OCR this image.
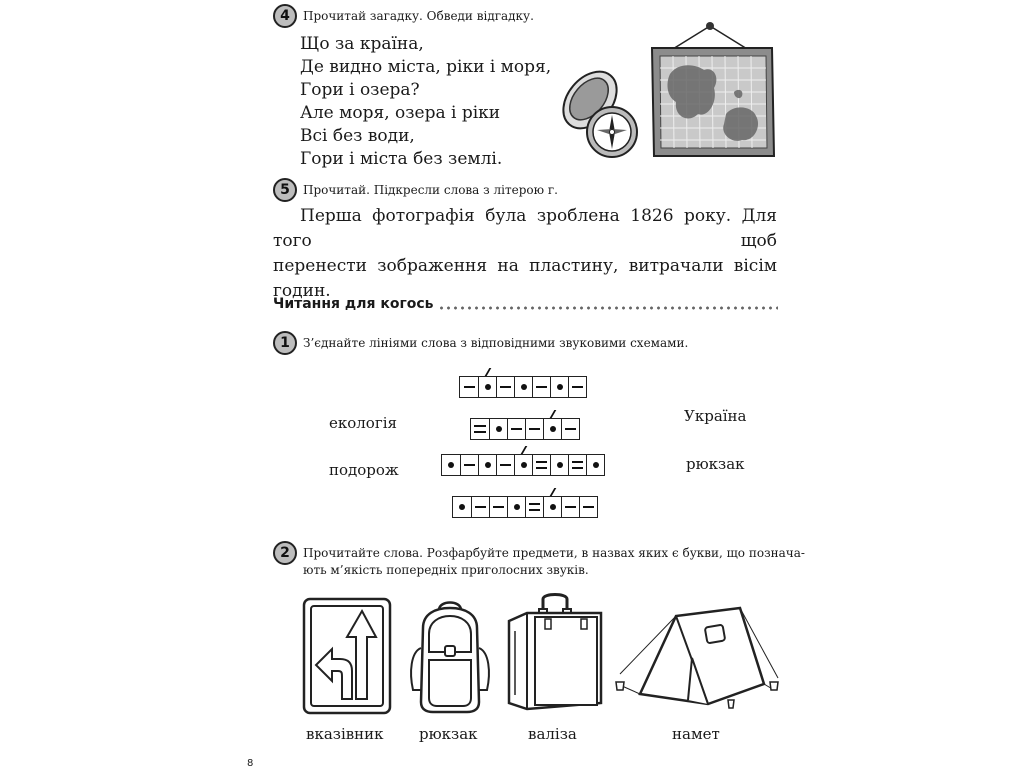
4	Прочитай загадку. Обведи відгадку.
Що за країна,
Де видно міста, ріки і моря,
Гори і озера?
Але моря, озера і ріки
Всі без води,
Гори і міста без землі.
5	Прочитай. Підкресли слова з літерою г.
Перша фотографія була зроблена 1826 року. Для того щоб
перенести зображення на пластину, витрачали вісім годин.
Читання для когось
1	З’єднайте лініями слова з відповідними звуковими схемами.
екологія
подорож
Україна
рюкзак
2	Прочитайте слова. Розфарбуйте предмети, в назвах яких є букви, що познача-
ють м’якість попередніх приголосних звуків.
вказівник рюкзак	валіза	намет
8
